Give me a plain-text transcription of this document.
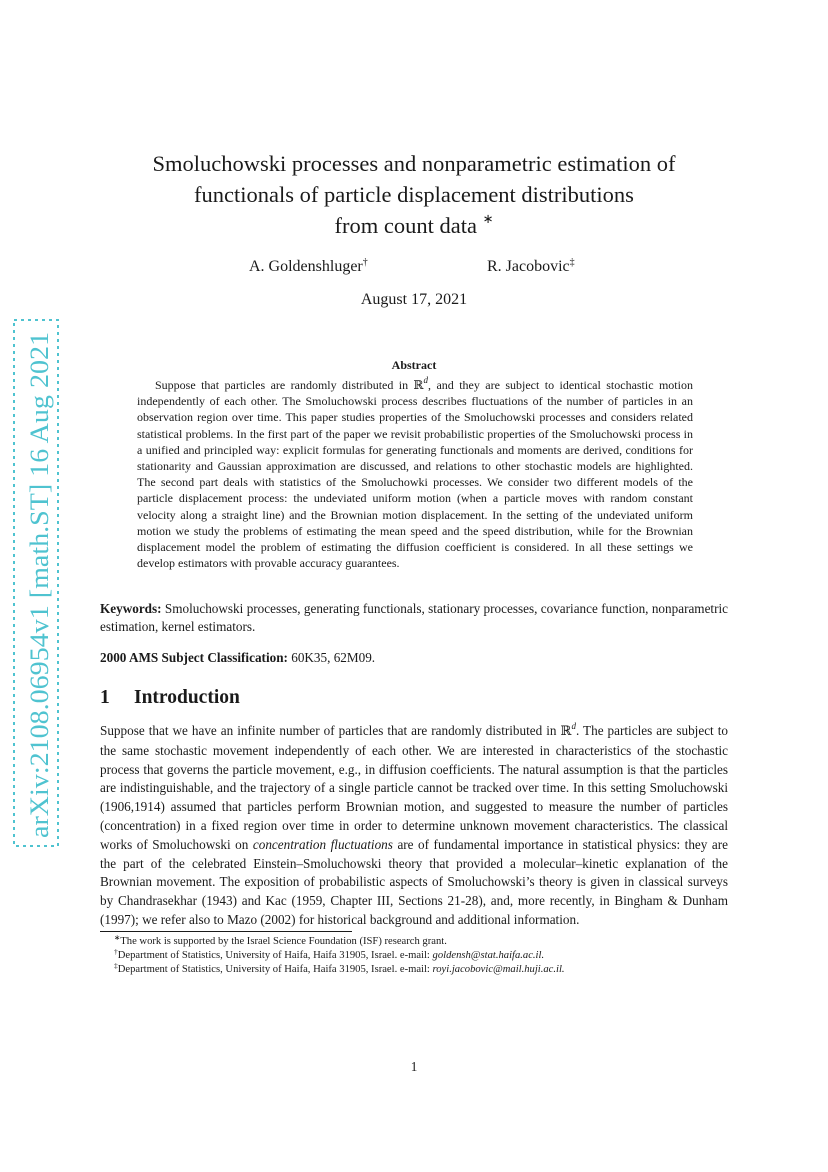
arXiv:2108.06954v1 [math.ST] 16 Aug 2021
Smoluchowski processes and nonparametric estimation of
functionals of particle displacement distributions
from count data ∗
A. Goldenshluger†	R. Jacobovic‡
August 17, 2021
Abstract
Suppose that particles are randomly distributed in ℝ$^d$, and they are subject to identical stochastic motion independently of each other. The Smoluchowski process describes fluctuations of the number of particles in an observation region over time. This paper studies properties of the Smoluchowski processes and considers related statistical problems. In the first part of the paper we revisit probabilistic properties of the Smoluchowski process in a unified and principled way: explicit formulas for generating functionals and moments are derived, conditions for stationarity and Gaussian approximation are discussed, and relations to other stochastic models are highlighted. The second part deals with statistics of the Smoluchowki processes. We consider two different models of the particle displacement process: the undeviated uniform motion (when a particle moves with random constant velocity along a straight line) and the Brownian motion displacement. In the setting of the undeviated uniform motion we study the problems of estimating the mean speed and the speed distribution, while for the Brownian displacement model the problem of estimating the diffusion coefficient is considered. In all these settings we develop estimators with provable accuracy guarantees.
Keywords: Smoluchowski processes, generating functionals, stationary processes, covariance function, nonparametric estimation, kernel estimators.
2000 AMS Subject Classification: 60K35, 62M09.
1 Introduction
Suppose that we have an infinite number of particles that are randomly distributed in ℝ$^d$. The particles are subject to the same stochastic movement independently of each other. We are interested in characteristics of the stochastic process that governs the particle movement, e.g., in diffusion coefficients. The natural assumption is that the particles are indistinguishable, and the trajectory of a single particle cannot be tracked over time. In this setting Smoluchowski (1906,1914) assumed that particles perform Brownian motion, and suggested to measure the number of particles (concentration) in a fixed region over time in order to determine unknown movement characteristics. The classical works of Smoluchowski on concentration fluctuations are of fundamental importance in statistical physics: they are the part of the celebrated Einstein–Smoluchowski theory that provided a molecular–kinetic explanation of the Brownian movement. The exposition of probabilistic aspects of Smoluchowski’s theory is given in classical surveys by Chandrasekhar (1943) and Kac (1959, Chapter III, Sections 21-28), and, more recently, in Bingham & Dunham (1997); we refer also to Mazo (2002) for historical background and additional information.
∗The work is supported by the Israel Science Foundation (ISF) research grant.
†Department of Statistics, University of Haifa, Haifa 31905, Israel. e-mail: goldensh@stat.haifa.ac.il.
‡Department of Statistics, University of Haifa, Haifa 31905, Israel. e-mail: royi.jacobovic@mail.huji.ac.il.
1
